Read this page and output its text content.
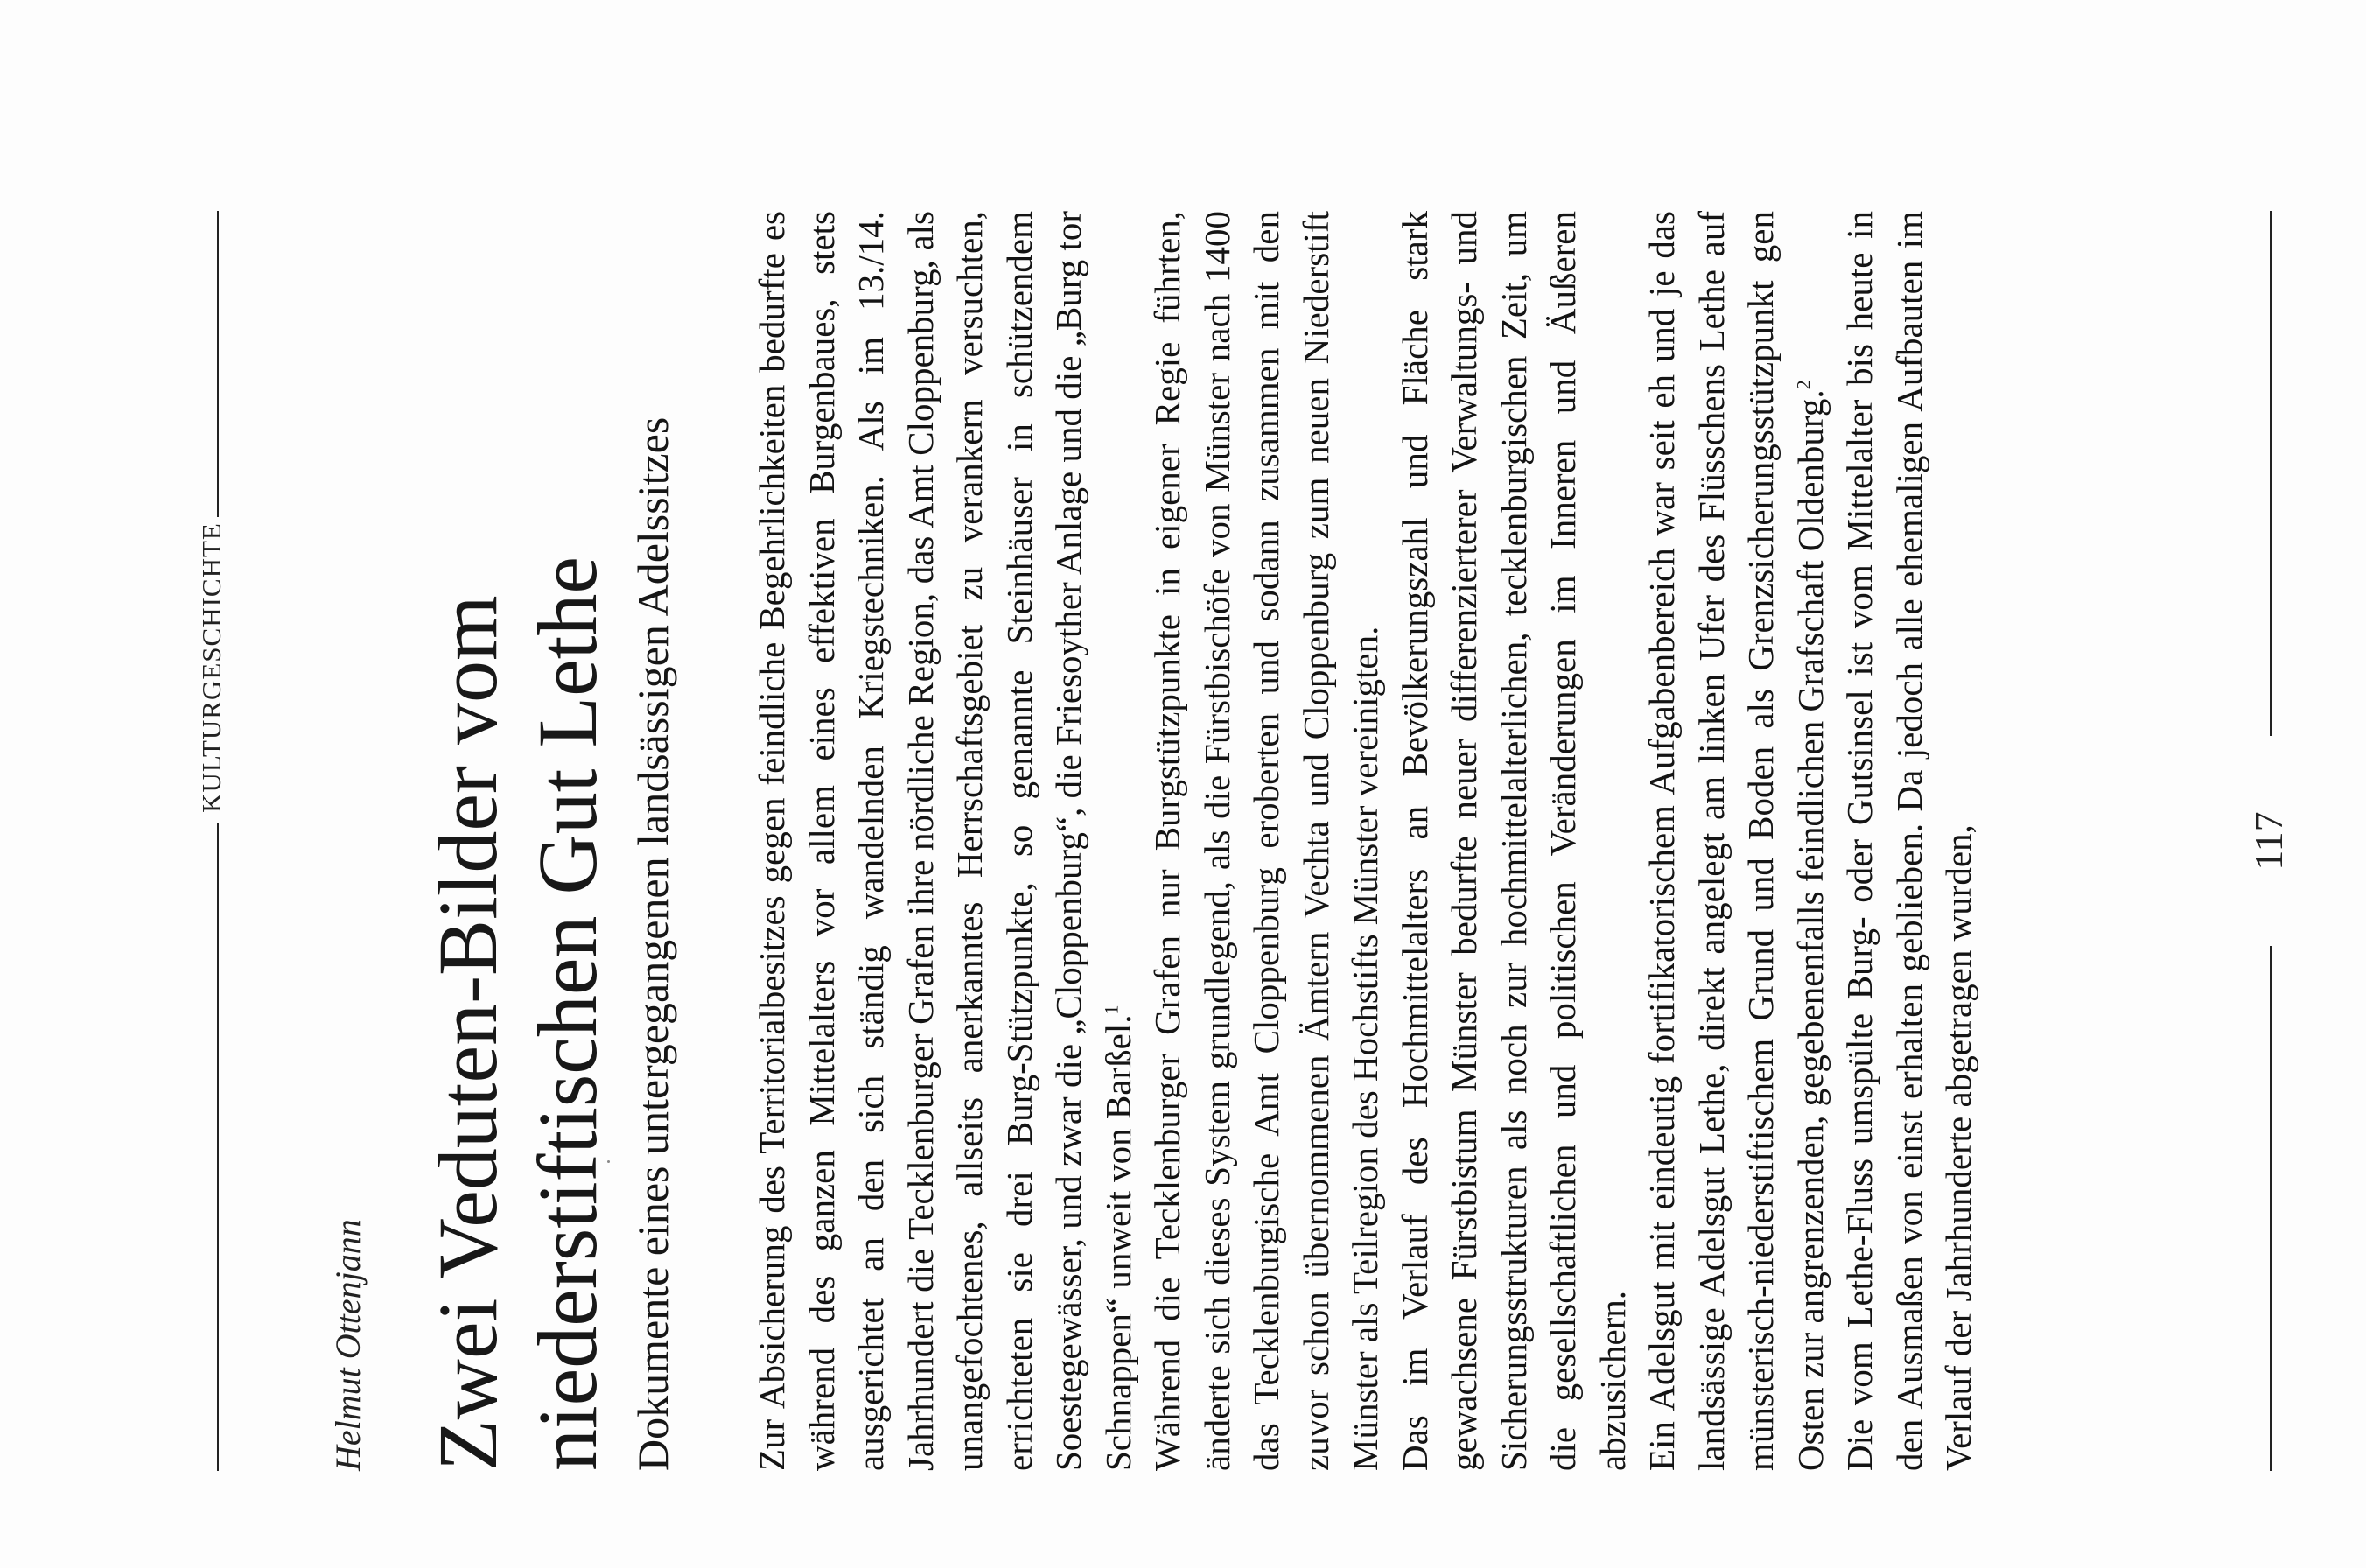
KULTURGESCHICHTE
Helmut Ottenjann Zwei Veduten-Bilder vom niederstiftischen Gut Lethe Dokumente eines untergegangenen landsässigen Adelssitzes Zur Absicherung des Territorialbesitzes gegen feindliche Begehrlichkeiten bedurfte es während des ganzen Mittelalters vor allem eines effektiven Burgenbaues, stets ausgerichtet an den sich ständig wandelnden Kriegstechniken. Als im 13./14. Jahrhundert die Tecklenburger Grafen ihre nördliche Region, das Amt Cloppenburg, als unangefochtenes, allseits anerkanntes Herrschaftsgebiet zu verankern versuchten, errichteten sie drei Burg-Stützpunkte, so genannte Steinhäuser in schützendem Soestegewässer, und zwar die „Cloppenburg“, die Friesoyther Anlage und die „Burg tor Schnappen“ unweit von Barßel.$^1$ Während die Tecklenburger Grafen nur Burgstützpunkte in eigener Regie führten, änderte sich dieses System grundlegend, als die Fürstbischöfe von Münster nach 1400 das Tecklenburgische Amt Cloppenburg eroberten und sodann zusammen mit den zuvor schon übernommenen Ämtern Vechta und Cloppenburg zum neuen Niederstift Münster als Teilregion des Hochstifts Münster vereinigten. Das im Verlauf des Hochmittelalters an Bevölkerungszahl und Fläche stark gewachsene Fürstbistum Münster bedurfte neuer differenzierterer Verwaltungs- und Sicherungsstrukturen als noch zur hochmittelalterlichen, tecklenburgischen Zeit, um die gesellschaftlichen und politischen Veränderungen im Inneren und Äußeren abzusichern. Ein Adelsgut mit eindeutig fortifikatorischem Aufgabenbereich war seit eh und je das landsässige Adelsgut Lethe, direkt angelegt am linken Ufer des Flüsschens Lethe auf münsterisch-niederstiftischem Grund und Boden als Grenzsicherungsstützpunkt gen Osten zur angrenzenden, gegebenenfalls feindlichen Grafschaft Oldenburg.$^2$ Die vom Lethe-Fluss umspülte Burg- oder Gutsinsel ist vom Mittelalter bis heute in den Ausmaßen von einst erhalten geblieben. Da jedoch alle ehemaligen Aufbauten im Verlauf der Jahrhunderte abgetragen wurden,	117
